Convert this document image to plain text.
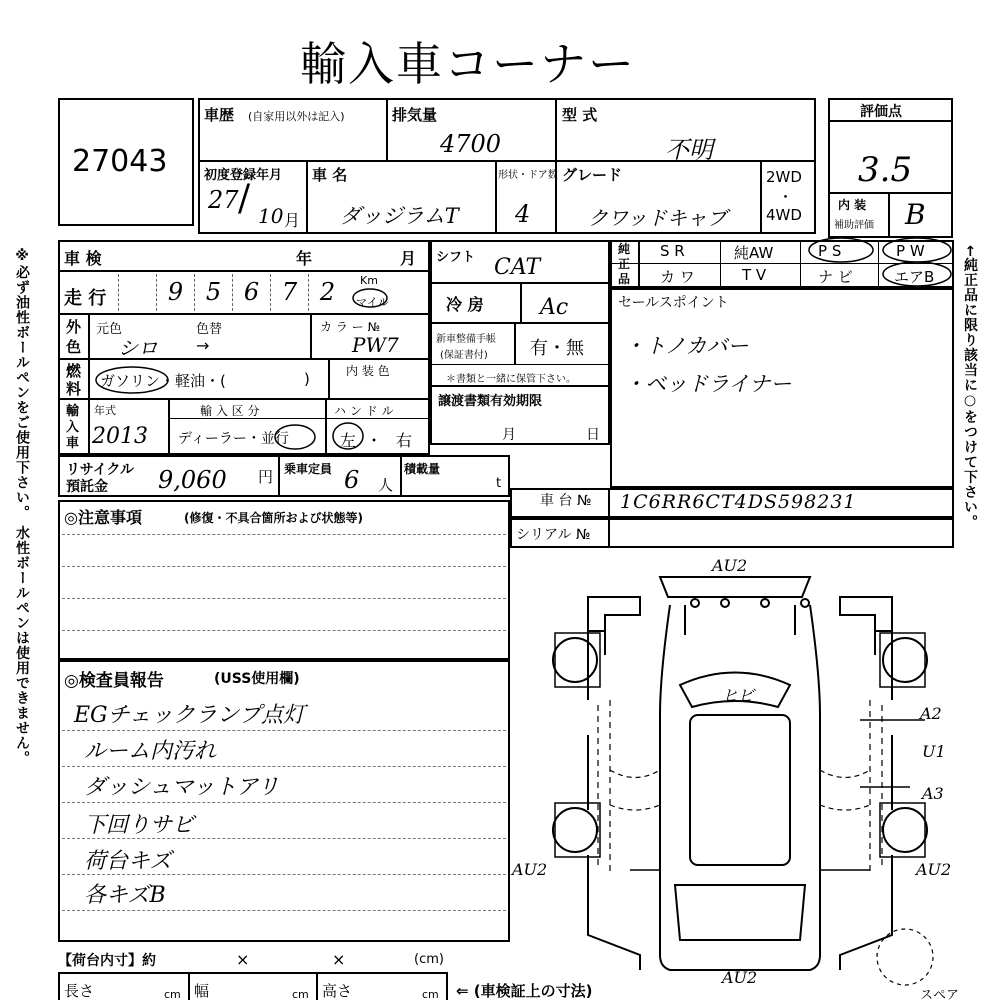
輸入車コーナー
※必ず油性ボールペンをご使用下さい。 水性ボールペンは使用できません。	←純正品に限り該当に○をつけて下さい。
27043
評価点
3.5
内 装
補助評価 B
車歴 (自家用以外は記入)	排気量
4700
型 式
不明
初度登録年月
27 / 10 月
車 名
ダッジラムT
形状・ドア数
4
グレード
クワッドキャブ
2WD
・
4WD
車 検	年	月
走 行	9 5 6 7 2	Km
マイル
外
色
元色	色替
シロ →
カ ラ ー №
PW7
燃
料 ガソリン・軽油・(	)	内 装 色
輸
入
車
年式
2013
輸 入 区 分
ディーラー・並行
ハ ン ド ル
左 ・ 右
リサイクル
預託金 9,060 円 乗車定員 6 人
積載量
t
シフト CAT
冷 房	Ac
新車整備手帳
(保証書付) 有・無
＊書類と一緒に保管下さい。
譲渡書類有効期限
月	日
純
正
品
S R	純AW	P S	P W
カ ワ	T V	ナ ビ	エアB
セールスポイント
・トノカバー
・ベッドライナー
車 台 № 1C6RR6CT4DS598231
シリアル №
◎注意事項	(修復・不具合箇所および状態等)
◎検査員報告	(USS使用欄)
EGチェックランプ点灯
ルーム内汚れ
ダッシュマットアリ
下回りサビ
荷台キズ
各キズB
【荷台内寸】約	×	×	(cm)
長さ	cm 幅	cm 高さ	cm ⇐ (車検証上の寸法)
AU2
ヒビ
A2
U1
A3
AU2	AU2
AU2
スペア
